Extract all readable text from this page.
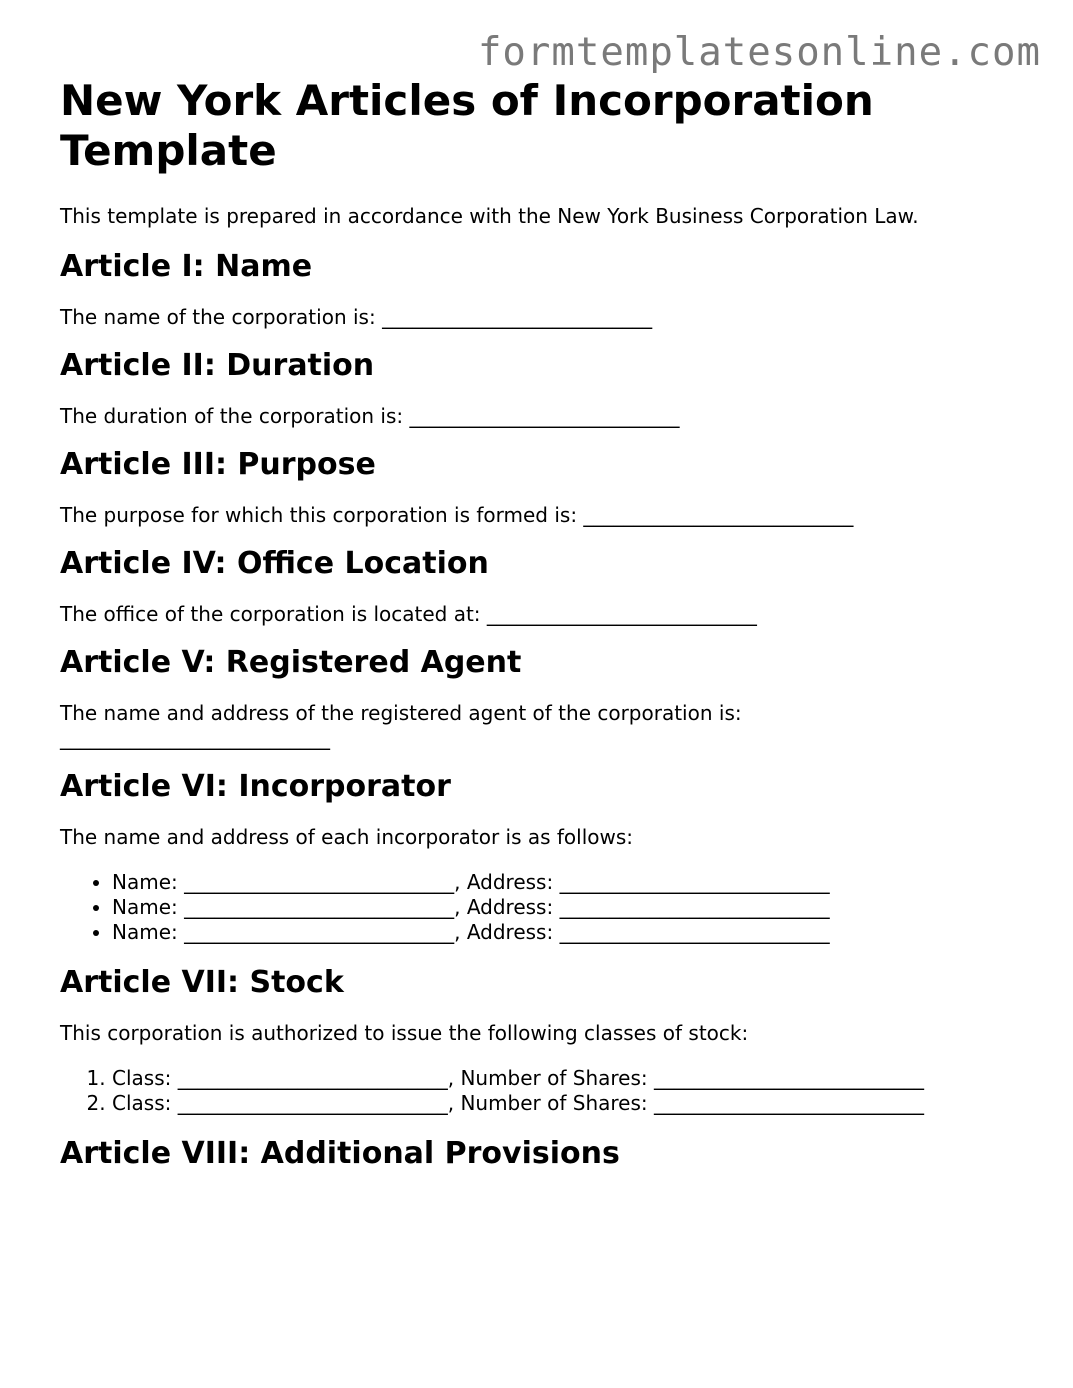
formtemplatesonline.com
New York Articles of Incorporation Template

This template is prepared in accordance with the New York Business Corporation Law.

Article I: Name

The name of the corporation is: ___________________________

Article II: Duration

The duration of the corporation is: ___________________________

Article III: Purpose

The purpose for which this corporation is formed is: ___________________________

Article IV: Office Location

The office of the corporation is located at: ___________________________

Article V: Registered Agent

The name and address of the registered agent of the corporation is: ___________________________

Article VI: Incorporator

The name and address of each incorporator is as follows:

• Name: ___________________________, Address: ___________________________
• Name: ___________________________, Address: ___________________________
• Name: ___________________________, Address: ___________________________
Article VII: Stock

This corporation is authorized to issue the following classes of stock:

1. Class: ___________________________, Number of Shares: ___________________________
2. Class: ___________________________, Number of Shares: ___________________________
Article VIII: Additional Provisions
